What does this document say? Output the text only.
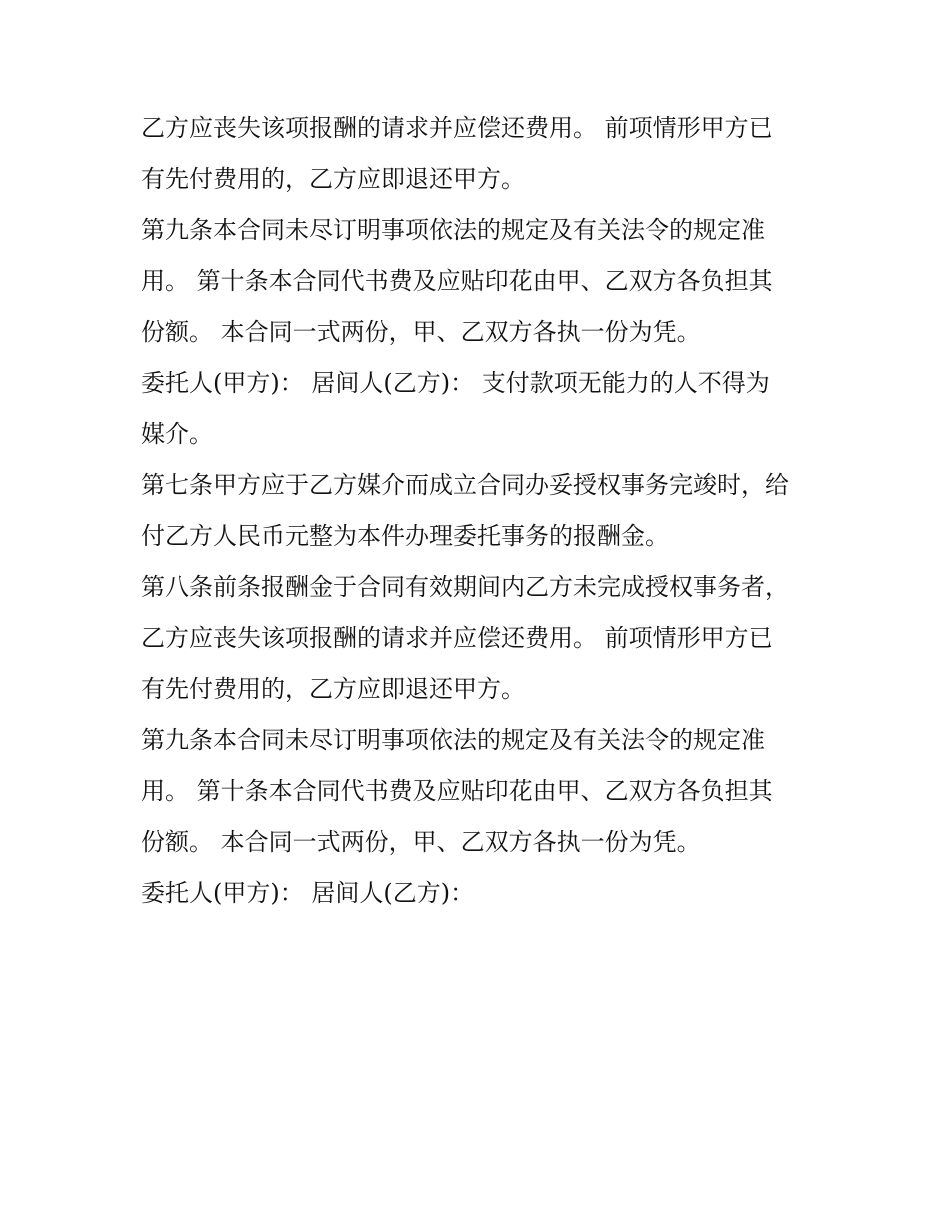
乙方应丧失该项报酬的请求并应偿还费用。 前项情形甲方已
有先付费用的，乙方应即退还甲方。
第九条本合同未尽订明事项依法的规定及有关法令的规定准
用。 第十条本合同代书费及应贴印花由甲、乙双方各负担其
份额。 本合同一式两份，甲、乙双方各执一份为凭。
委托人(甲方)： 居间人(乙方)： 支付款项无能力的人不得为
媒介。
第七条甲方应于乙方媒介而成立合同办妥授权事务完竣时，给
付乙方人民币元整为本件办理委托事务的报酬金。
第八条前条报酬金于合同有效期间内乙方未完成授权事务者，
乙方应丧失该项报酬的请求并应偿还费用。 前项情形甲方已
有先付费用的，乙方应即退还甲方。
第九条本合同未尽订明事项依法的规定及有关法令的规定准
用。 第十条本合同代书费及应贴印花由甲、乙双方各负担其
份额。 本合同一式两份，甲、乙双方各执一份为凭。
委托人(甲方)： 居间人(乙方)：
